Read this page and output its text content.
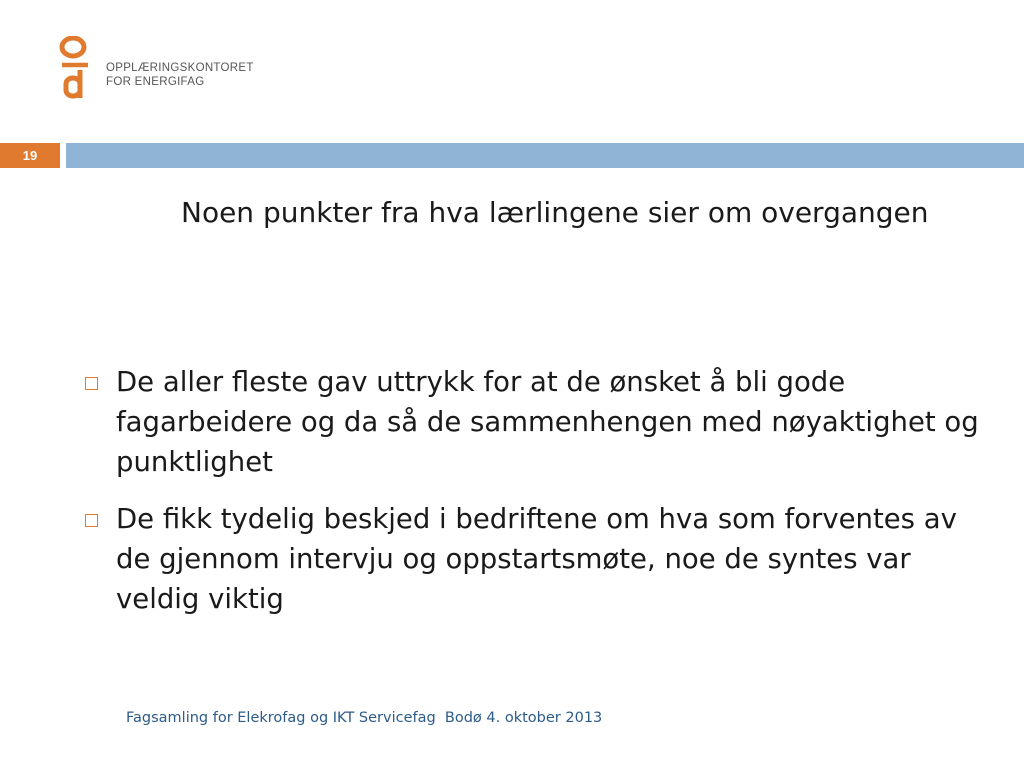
OPPLÆRINGSKONTORET
FOR ENERGIFAG
19
Noen punkter fra hva lærlingene sier om overgangen
De aller fleste gav uttrykk for at de ønsket å bli gode fagarbeidere og da så de sammenhengen med nøyaktighet og punktlighet
De fikk tydelig beskjed i bedriftene om hva som forventes av de gjennom intervju og oppstartsmøte, noe de syntes var veldig viktig
Fagsamling for Elekrofag og IKT Servicefag  Bodø 4. oktober 2013
